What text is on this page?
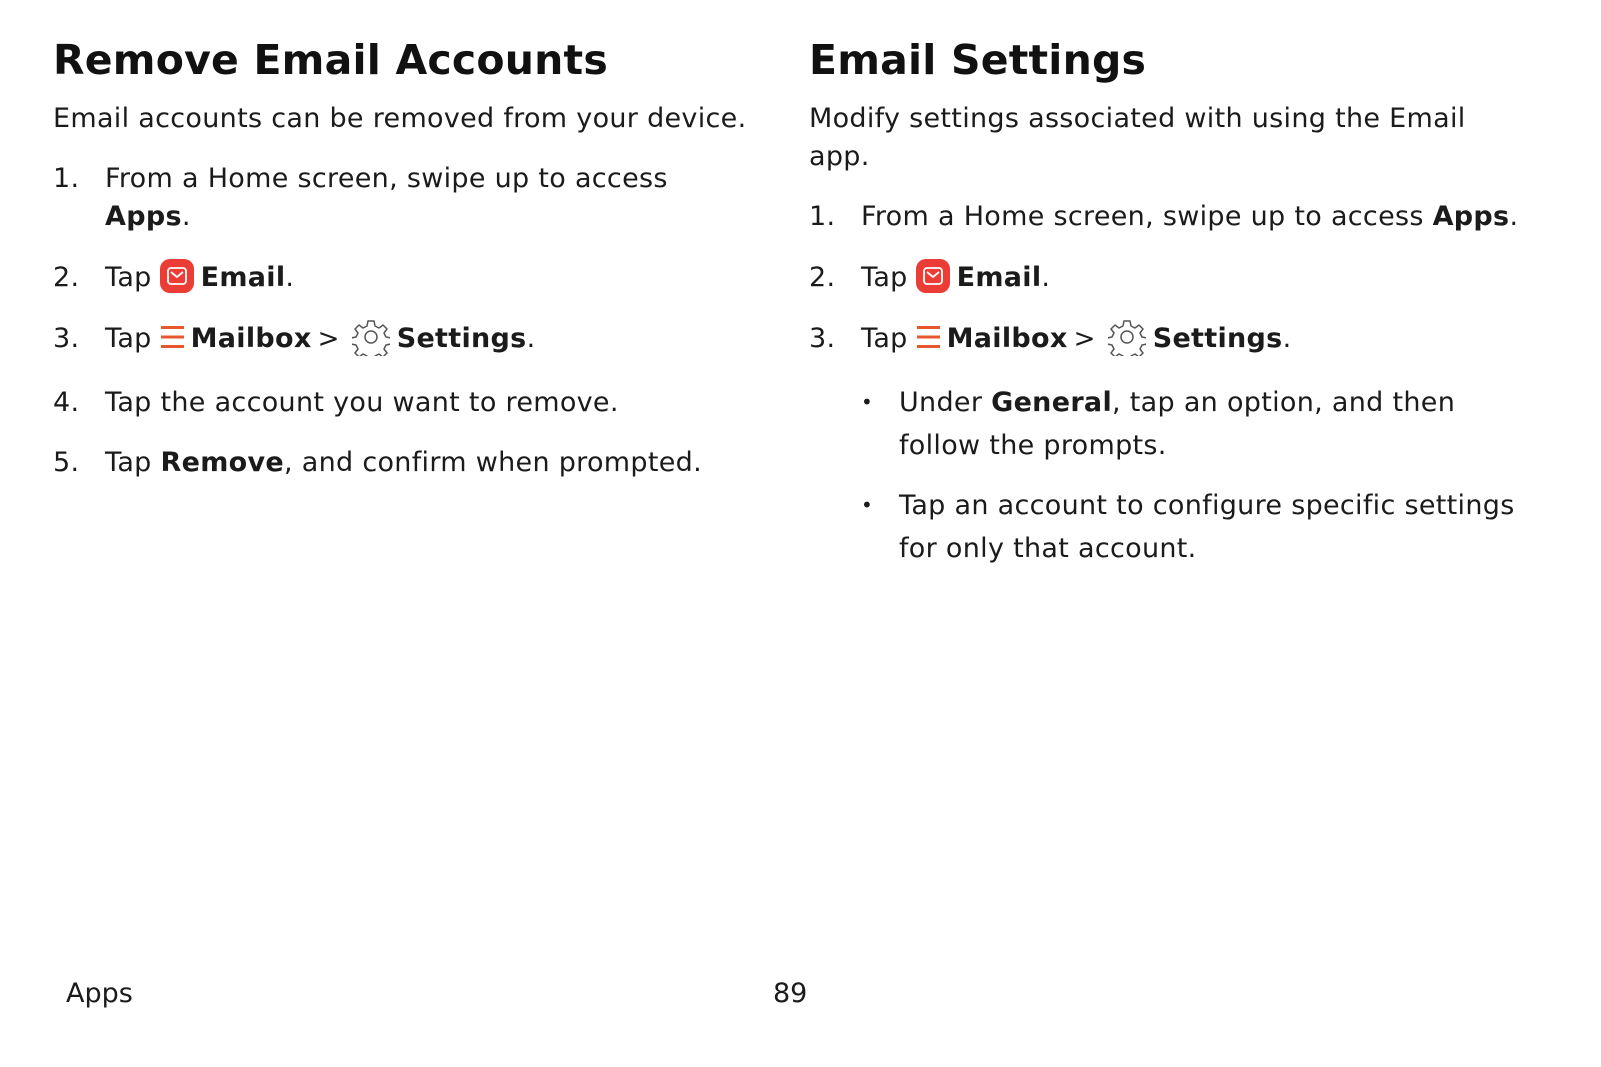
Remove Email Accounts

Email accounts can be removed from your device.

1. From a Home screen, swipe up to access Apps.
2. Tap Email.
3. Tap Mailbox > Settings.
4. Tap the account you want to remove.
5. Tap Remove, and confirm when prompted.
Email Settings

Modify settings associated with using the Email app.

1. From a Home screen, swipe up to access Apps.
2. Tap Email.
3. Tap Mailbox > Settings.
• Under General, tap an option, and then follow the prompts.
• Tap an account to configure specific settings for only that account.
Apps	89
